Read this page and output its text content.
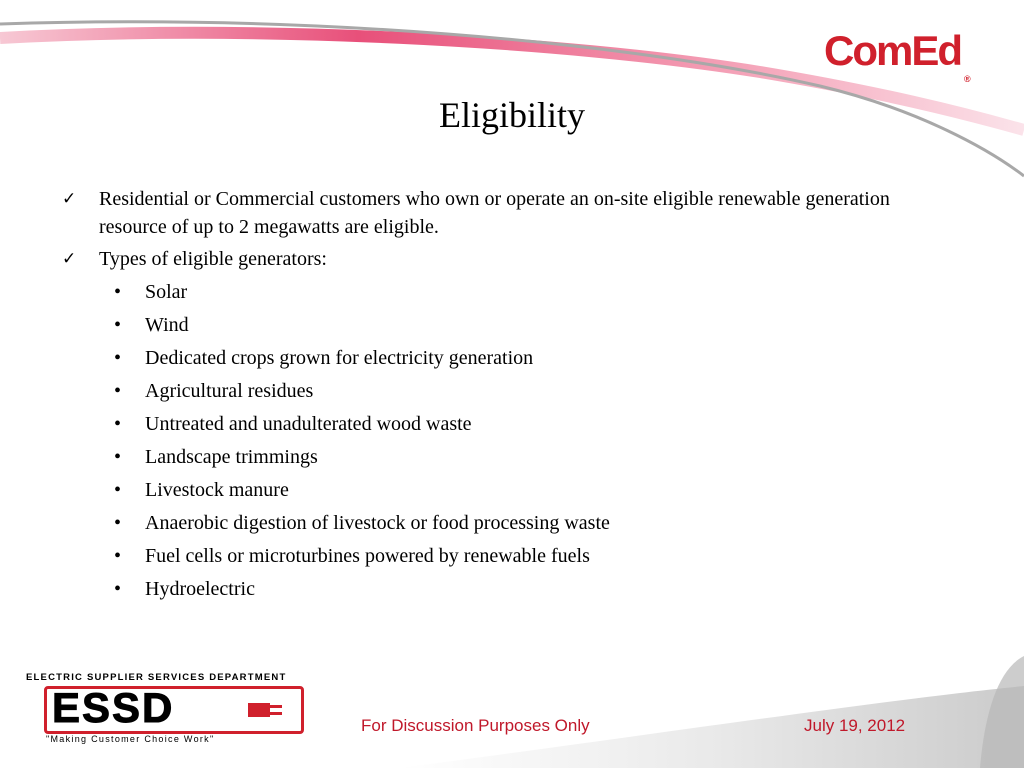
ComEd
®
Eligibility
✓ Residential or Commercial customers who own or operate an on-site eligible renewable generation resource of up to 2 megawatts are eligible.
✓ Types of eligible generators:
• Solar
• Wind
• Dedicated crops grown for electricity generation
• Agricultural residues
• Untreated and unadulterated wood waste
• Landscape trimmings
• Livestock manure
• Anaerobic digestion of livestock or food processing waste
• Fuel cells or microturbines powered by renewable fuels
• Hydroelectric
ELECTRIC SUPPLIER SERVICES DEPARTMENT
ESSD
"Making Customer Choice Work"
For Discussion Purposes Only	July 19, 2012
